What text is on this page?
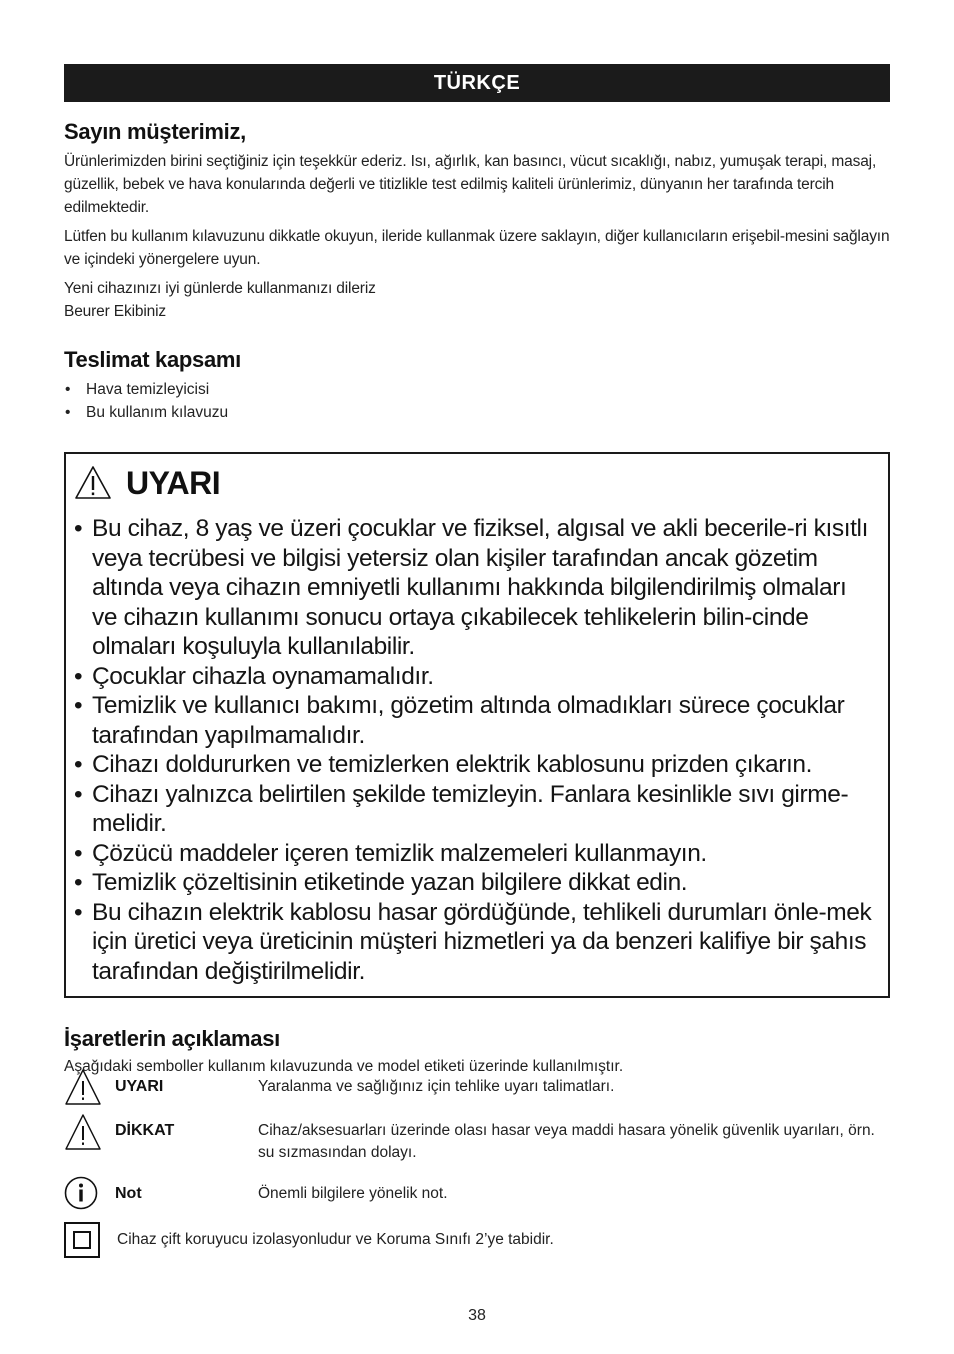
TÜRKÇE
Sayın müşterimiz,

Ürünlerimizden birini seçtiğiniz için teşekkür ederiz. Isı, ağırlık, kan basıncı, vücut sıcaklığı, nabız, yumuşak terapi, masaj, güzellik, bebek ve hava konularında değerli ve titizlikle test edilmiş kaliteli ürünlerimiz, dünyanın her tarafında tercih edilmektedir.

Lütfen bu kullanım kılavuzunu dikkatle okuyun, ileride kullanmak üzere saklayın, diğer kullanıcıların erişebil-mesini sağlayın ve içindeki yönergelere uyun.

Yeni cihazınızı iyi günlerde kullanmanızı dileriz

Beurer Ekibiniz

Teslimat kapsamı
• Hava temizleyicisi
• Bu kullanım kılavuzu
UYARI
• Bu cihaz, 8 yaş ve üzeri çocuklar ve fiziksel, algısal ve akli becerile-ri kısıtlı veya tecrübesi ve bilgisi yetersiz olan kişiler tarafından ancak gözetim altında veya cihazın emniyetli kullanımı hakkında bilgilendirilmiş olmaları ve cihazın kullanımı sonucu ortaya çıkabilecek tehlikelerin bilin-cinde olmaları koşuluyla kullanılabilir.
• Çocuklar cihazla oynamamalıdır.
• Temizlik ve kullanıcı bakımı, gözetim altında olmadıkları sürece çocuklar tarafından yapılmamalıdır.
• Cihazı doldururken ve temizlerken elektrik kablosunu prizden çıkarın.
• Cihazı yalnızca belirtilen şekilde temizleyin. Fanlara kesinlikle sıvı girme-melidir.
• Çözücü maddeler içeren temizlik malzemeleri kullanmayın.
• Temizlik çözeltisinin etiketinde yazan bilgilere dikkat edin.
• Bu cihazın elektrik kablosu hasar gördüğünde, tehlikeli durumları önle-mek için üretici veya üreticinin müşteri hizmetleri ya da benzeri kalifiye bir şahıs tarafından değiştirilmelidir.
İşaretlerin açıklaması

Aşağıdaki semboller kullanım kılavuzunda ve model etiketi üzerinde kullanılmıştır.

UYARI	Yaralanma ve sağlığınız için tehlike uyarı talimatları.
DİKKAT	Cihaz/aksesuarları üzerinde olası hasar veya maddi hasara yönelik güvenlik uyarıları, örn. su sızmasından dolayı.
Not	Önemli bilgilere yönelik not.
Cihaz çift koruyucu izolasyonludur ve Koruma Sınıfı 2’ye tabidir.
38
